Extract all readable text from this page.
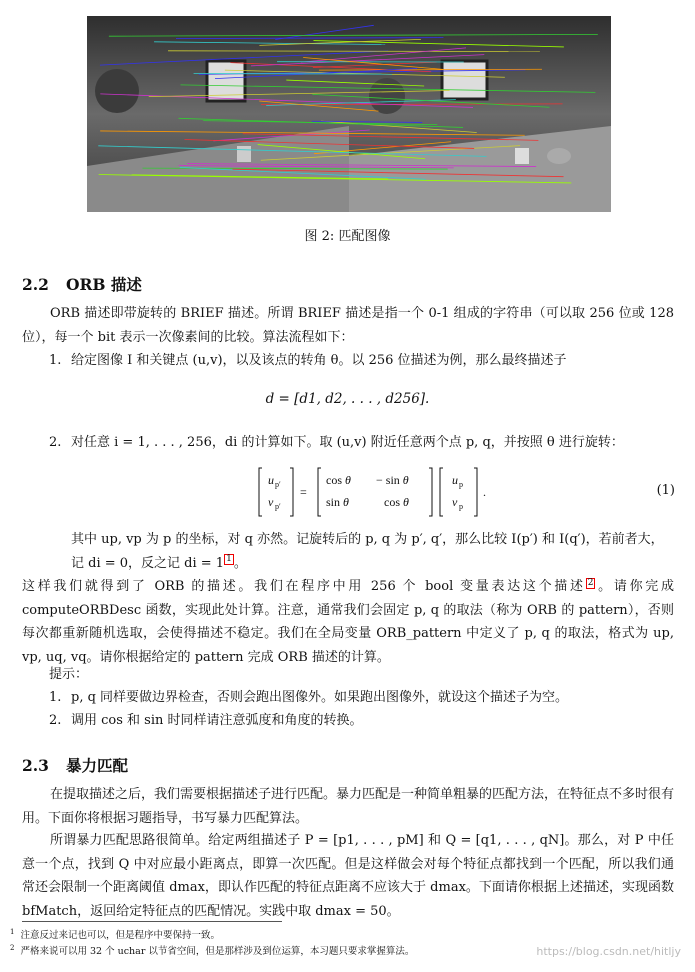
图 2: 匹配图像
2.2 ORB 描述
ORB 描述即带旋转的 BRIEF 描述。所谓 BRIEF 描述是指一个 0-1 组成的字符串（可以取 256 位或 128 位），每一个 bit 表示一次像素间的比较。算法流程如下：
1. 给定图像 I 和关键点 (u,v)，以及该点的转角 θ。以 256 位描述为例，那么最终描述子
d = [d1, d2, . . . , d256].
2. 对任意 i = 1, . . . , 256，di 的计算如下。取 (u,v) 附近任意两个点 p, q，并按照 θ 进行旋转：
u p′
v p′
=
cos θ − sin θ
sin θ	cos θ
u p
v p
.	(1)
其中 up, vp 为 p 的坐标，对 q 亦然。记旋转后的 p, q 为 p′, q′，那么比较 I(p′) 和 I(q′)，若前者大，记 di = 0，反之记 di = 1 1 。
这样我们就得到了 ORB 的描述。我们在程序中用 256 个 bool 变量表达这个描述 2 。请你完成 computeORBDesc 函数，实现此处计算。注意，通常我们会固定 p, q 的取法（称为 ORB 的 pattern），否则每次都重新随机选取，会使得描述不稳定。我们在全局变量 ORB_pattern 中定义了 p, q 的取法，格式为 up, vp, uq, vq。请你根据给定的 pattern 完成 ORB 描述的计算。
提示：
1. p, q 同样要做边界检查，否则会跑出图像外。如果跑出图像外，就设这个描述子为空。
2. 调用 cos 和 sin 时同样请注意弧度和角度的转换。
2.3 暴力匹配
在提取描述之后，我们需要根据描述子进行匹配。暴力匹配是一种简单粗暴的匹配方法，在特征点不多时很有用。下面你将根据习题指导，书写暴力匹配算法。
所谓暴力匹配思路很简单。给定两组描述子 P = [p1, . . . , pM] 和 Q = [q1, . . . , qN]。那么，对 P 中任意一个点，找到 Q 中对应最小距离点，即算一次匹配。但是这样做会对每个特征点都找到一个匹配，所以我们通常还会限制一个距离阈值 dmax，即认作匹配的特征点距离不应该大于 dmax。下面请你根据上述描述，实现函数 bfMatch，返回给定特征点的匹配情况。实践中取 dmax = 50。
$^1$ 注意反过来记也可以，但是程序中要保持一致。
$^2$ 严格来说可以用 32 个 uchar 以节省空间，但是那样涉及到位运算，本习题只要求掌握算法。	https://blog.csdn.net/hitljy
